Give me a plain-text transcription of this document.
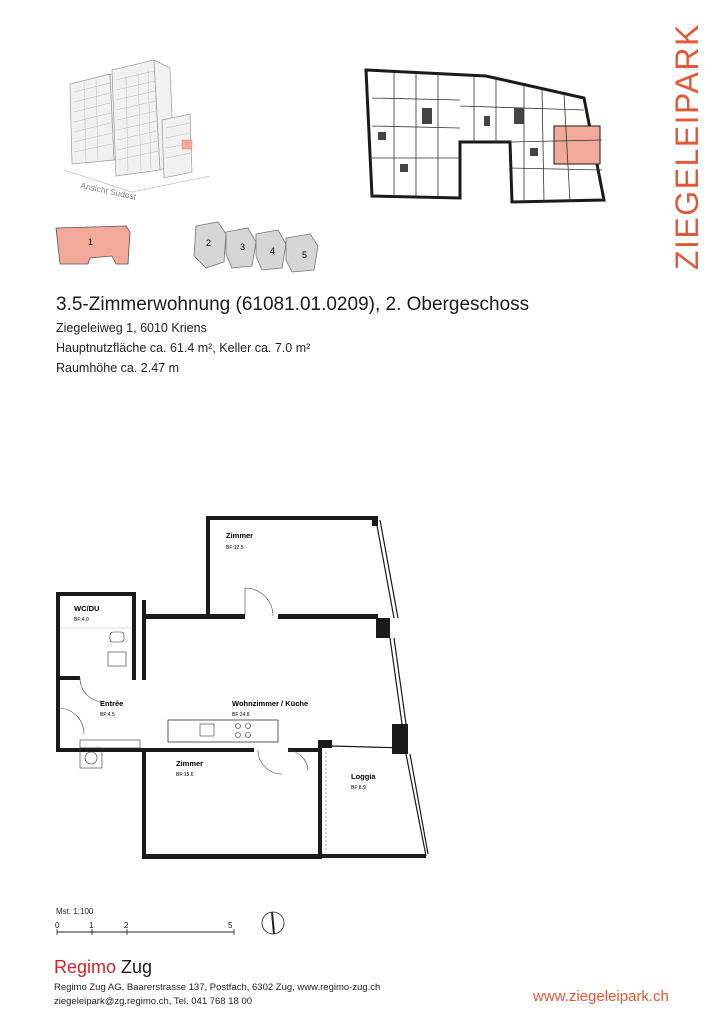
ZIEGELEIPARK
Ansicht Südost
1	2	3	4	5
3.5-Zimmerwohnung (61081.01.0209), 2. Obergeschoss
Ziegeleiweg 1, 6010 Kriens
Hauptnutzfläche ca. 61.4 m², Keller ca. 7.0 m²
Raumhöhe ca. 2.47 m
Zimmer
BF:12.5
WC/DU
BF:4.0
Entrée
BF:4.5
Wohnzimmer / Küche
BF:24.8
Zimmer
BF:15.6	Loggia
BF:8.9
Mst. 1:100
0	1	2	5
Regimo Zug
Regimo Zug AG, Baarerstrasse 137, Postfach, 6302 Zug, www.regimo-zug.ch
ziegeleipark@zg.regimo.ch, Tel. 041 768 18 00	www.ziegeleipark.ch
